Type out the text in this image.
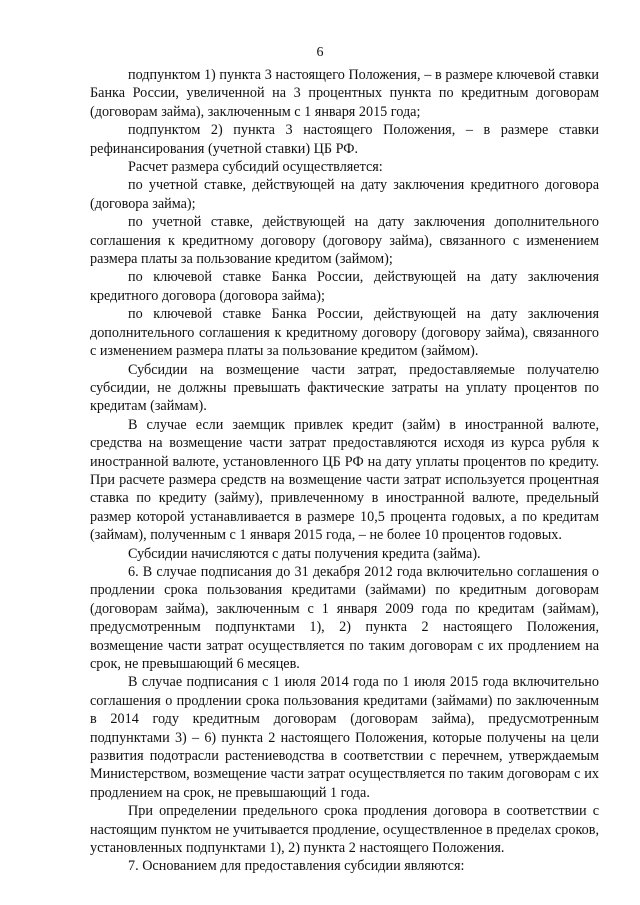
6

подпунктом 1) пункта 3 настоящего Положения, – в размере ключевой ставки Банка России, увеличенной на 3 процентных пункта по кредитным договорам (договорам займа), заключенным с 1 января 2015 года;

подпунктом 2) пункта 3 настоящего Положения, – в размере ставки рефинансирования (учетной ставки) ЦБ РФ.

Расчет размера субсидий осуществляется:

по учетной ставке, действующей на дату заключения кредитного договора (договора займа);

по учетной ставке, действующей на дату заключения дополнительного соглашения к кредитному договору (договору займа), связанного с изменением размера платы за пользование кредитом (займом);

по ключевой ставке Банка России, действующей на дату заключения кредитного договора (договора займа);

по ключевой ставке Банка России, действующей на дату заключения дополнительного соглашения к кредитному договору (договору займа), связанного с изменением размера платы за пользование кредитом (займом).

Субсидии на возмещение части затрат, предоставляемые получателю субсидии, не должны превышать фактические затраты на уплату процентов по кредитам (займам).

В случае если заемщик привлек кредит (займ) в иностранной валюте, средства на возмещение части затрат предоставляются исходя из курса рубля к иностранной валюте, установленного ЦБ РФ на дату уплаты процентов по кредиту. При расчете размера средств на возмещение части затрат используется процентная ставка по кредиту (займу), привлеченному в иностранной валюте, предельный размер которой устанавливается в размере 10,5 процента годовых, а по кредитам (займам), полученным с 1 января 2015 года, – не более 10 процентов годовых.

Субсидии начисляются с даты получения кредита (займа).

6. В случае подписания до 31 декабря 2012 года включительно соглашения о продлении срока пользования кредитами (займами) по кредитным договорам (договорам займа), заключенным с 1 января 2009 года по кредитам (займам), предусмотренным подпунктами 1), 2) пункта 2 настоящего Положения, возмещение части затрат осуществляется по таким договорам с их продлением на срок, не превышающий 6 месяцев.

В случае подписания с 1 июля 2014 года по 1 июля 2015 года включительно соглашения о продлении срока пользования кредитами (займами) по заключенным в 2014 году кредитным договорам (договорам займа), предусмотренным подпунктами 3) – 6) пункта 2 настоящего Положения, которые получены на цели развития подотрасли растениеводства в соответствии с перечнем, утверждаемым Министерством, возмещение части затрат осуществляется по таким договорам с их продлением на срок, не превышающий 1 года.

При определении предельного срока продления договора в соответствии с настоящим пунктом не учитывается продление, осуществленное в пределах сроков, установленных подпунктами 1), 2) пункта 2 настоящего Положения.

7. Основанием для предоставления субсидии являются:
